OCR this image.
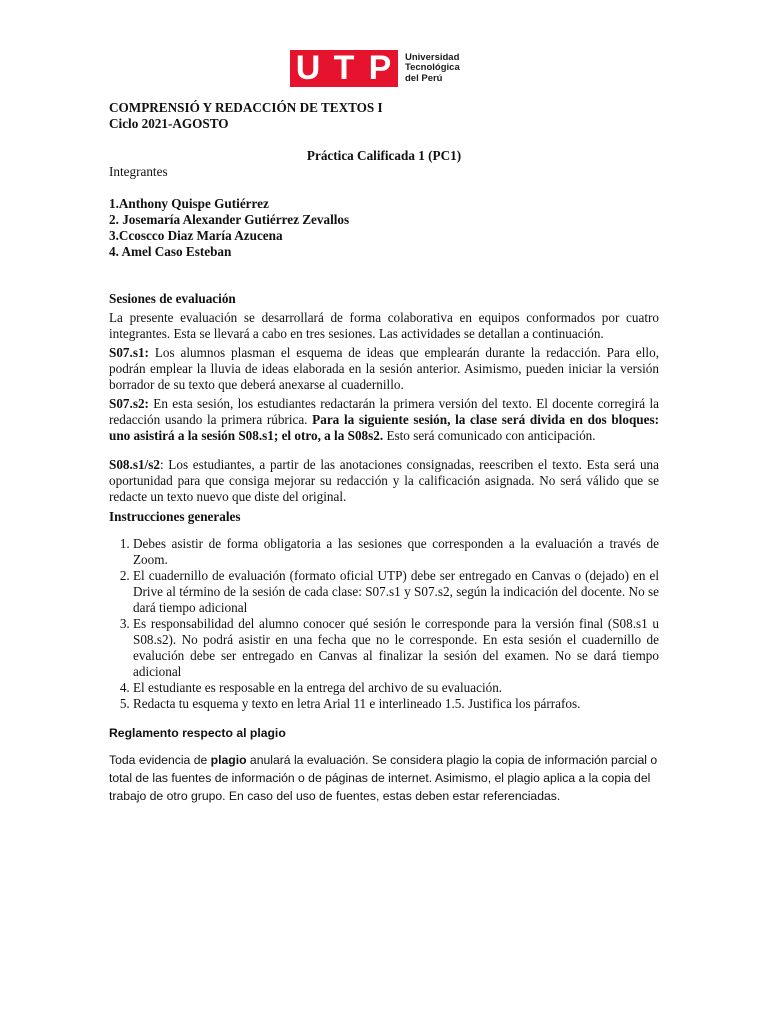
U T P	Universidad
Tecnológica
del Perú
COMPRENSIÓ Y REDACCIÓN DE TEXTOS I
Ciclo 2021-AGOSTO
Práctica Calificada 1 (PC1)
Integrantes
1.Anthony Quispe Gutiérrez
2. Josemaría Alexander Gutiérrez Zevallos
3.Ccoscco Diaz María Azucena
4. Amel Caso Esteban
Sesiones de evaluación

La presente evaluación se desarrollará de forma colaborativa en equipos conformados por cuatro integrantes. Esta se llevará a cabo en tres sesiones. Las actividades se detallan a continuación.

S07.s1: Los alumnos plasman el esquema de ideas que emplearán durante la redacción. Para ello, podrán emplear la lluvia de ideas elaborada en la sesión anterior. Asimismo, pueden iniciar la versión borrador de su texto que deberá anexarse al cuadernillo.

S07.s2: En esta sesión, los estudiantes redactarán la primera versión del texto. El docente corregirá la redacción usando la primera rúbrica. Para la siguiente sesión, la clase será divida en dos bloques: uno asistirá a la sesión S08.s1; el otro, a la S08s2. Esto será comunicado con anticipación.

S08.s1/s2: Los estudiantes, a partir de las anotaciones consignadas, reescriben el texto. Esta será una oportunidad para que consiga mejorar su redacción y la calificación asignada. No será válido que se redacte un texto nuevo que diste del original.

Instrucciones generales
1. Debes asistir de forma obligatoria a las sesiones que corresponden a la evaluación a través de Zoom.
2. El cuadernillo de evaluación (formato oficial UTP) debe ser entregado en Canvas o (dejado) en el Drive al término de la sesión de cada clase: S07.s1 y S07.s2, según la indicación del docente. No se dará tiempo adicional
3. Es responsabilidad del alumno conocer qué sesión le corresponde para la versión final (S08.s1 u S08.s2). No podrá asistir en una fecha que no le corresponde. En esta sesión el cuadernillo de evalución debe ser entregado en Canvas al finalizar la sesión del examen. No se dará tiempo adicional
4. El estudiante es resposable en la entrega del archivo de su evaluación.
5. Redacta tu esquema y texto en letra Arial 11 e interlineado 1.5. Justifica los párrafos.
Reglamento respecto al plagio

Toda evidencia de plagio anulará la evaluación. Se considera plagio la copia de información parcial o total de las fuentes de información o de páginas de internet. Asimismo, el plagio aplica a la copia del trabajo de otro grupo. En caso del uso de fuentes, estas deben estar referenciadas.
